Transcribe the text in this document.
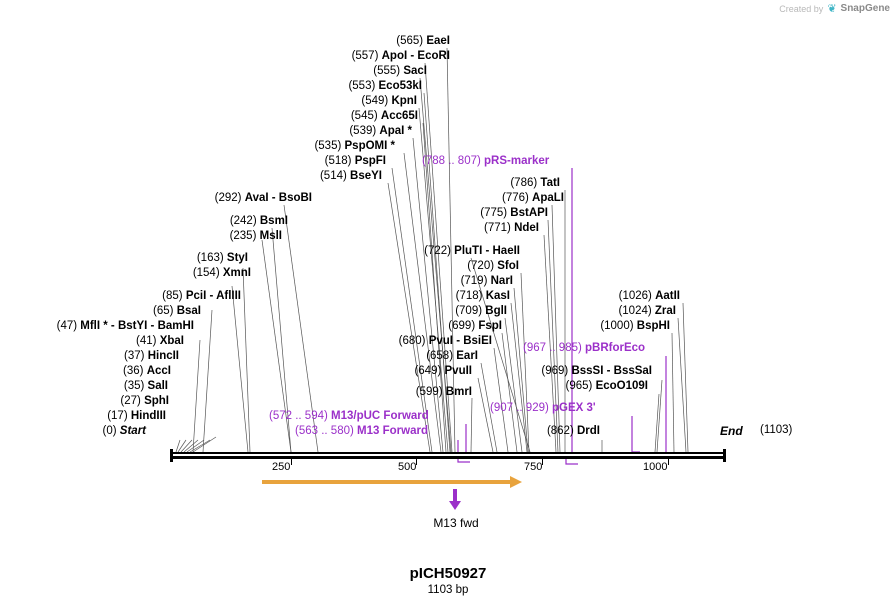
Created by ❦ SnapGene
250	500	750	1000
End (1103)
(565) EaeI
(557) ApoI - EcoRI
(555) SacI
(553) Eco53kI
(549) KpnI
(545) Acc65I
(539) ApaI *
(535) PspOMI *
(518) PspFI
(514) BseYI
(292) AvaI - BsoBI
(242) BsmI
(235) MslI
(163) StyI
(154) XmnI
(85) PciI - AflIII
(65) BsaI
(47) MflI * - BstYI - BamHI
(41) XbaI
(37) HincII
(36) AccI
(35) SalI
(27) SphI
(17) HindIII
(0) Start
(722) PluTI - HaeII
(720) SfoI
(719) NarI
(718) KasI
(709) BglI
(699) FspI
(680) PvuI - BsiEI
(658) EarI
(649) PvuII
(599) BmrI
(786) TatI
(776) ApaLI
(775) BstAPI
(771) NdeI
(1026) AatII
(1024) ZraI
(1000) BspHI
(969) BssSI - BssSaI
(965) EcoO109I
(862) DrdI
(788 .. 807) pRS-marker
(967 .. 985) pBRforEco
(907 .. 929) pGEX 3'
(572 .. 594) M13/pUC Forward
(563 .. 580) M13 Forward
M13 fwd
pICH50927
1103 bp
